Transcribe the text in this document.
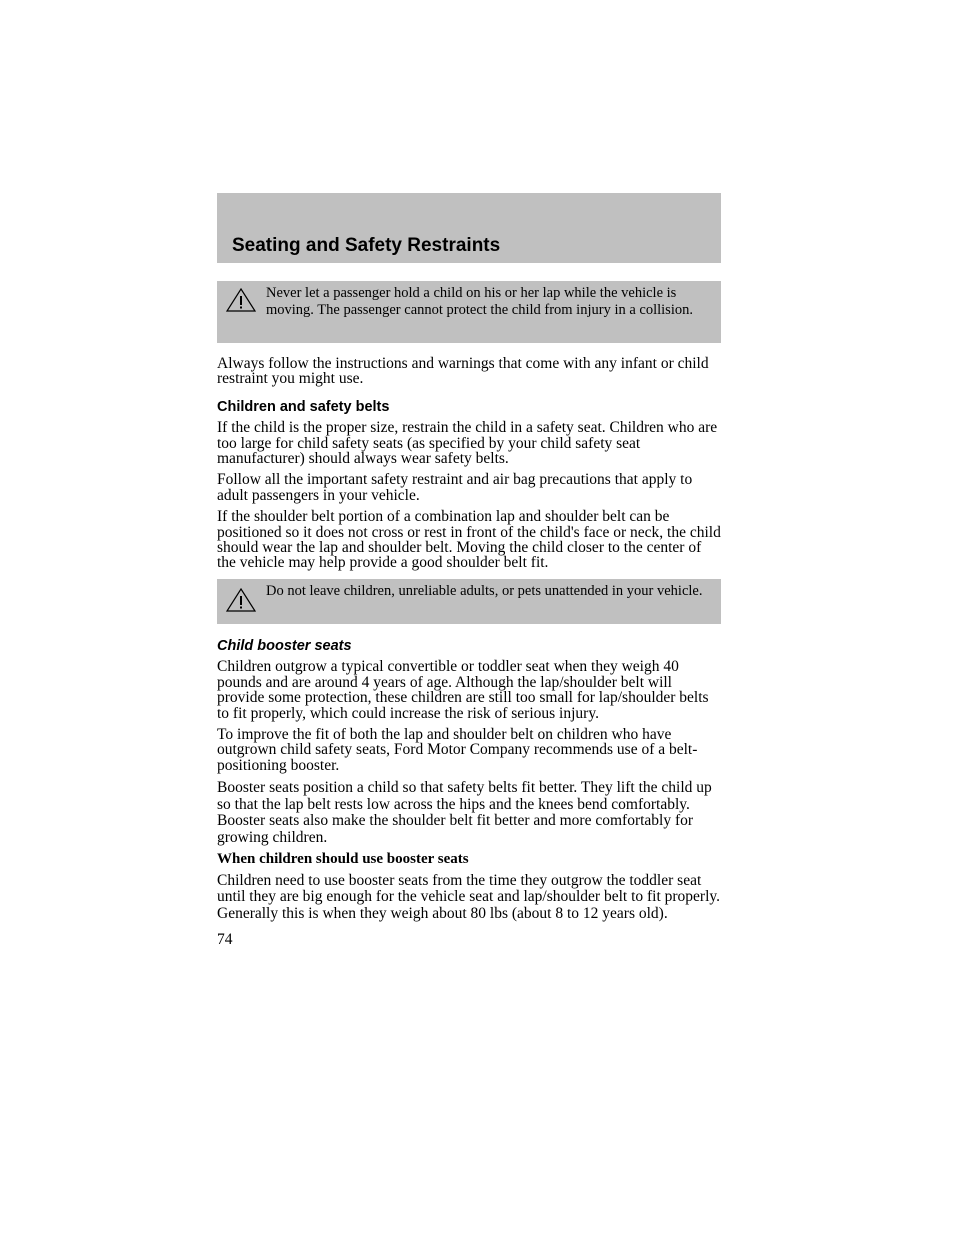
Seating and Safety Restraints

Never let a passenger hold a child on his or her lap while the vehicle is moving. The passenger cannot protect the child from injury in a collision.

Always follow the instructions and warnings that come with any infant or child restraint you might use.

Children and safety belts

If the child is the proper size, restrain the child in a safety seat. Children who are too large for child safety seats (as specified by your child safety seat manufacturer) should always wear safety belts.

Follow all the important safety restraint and air bag precautions that apply to adult passengers in your vehicle.

If the shoulder belt portion of a combination lap and shoulder belt can be positioned so it does not cross or rest in front of the child's face or neck, the child should wear the lap and shoulder belt. Moving the child closer to the center of the vehicle may help provide a good shoulder belt fit.

Do not leave children, unreliable adults, or pets unattended in your vehicle.

Child booster seats

Children outgrow a typical convertible or toddler seat when they weigh 40 pounds and are around 4 years of age. Although the lap/shoulder belt will provide some protection, these children are still too small for lap/shoulder belts to fit properly, which could increase the risk of serious injury.

To improve the fit of both the lap and shoulder belt on children who have outgrown child safety seats, Ford Motor Company recommends use of a belt-positioning booster.

Booster seats position a child so that safety belts fit better. They lift the child up so that the lap belt rests low across the hips and the knees bend comfortably. Booster seats also make the shoulder belt fit better and more comfortably for growing children.

When children should use booster seats

Children need to use booster seats from the time they outgrow the toddler seat until they are big enough for the vehicle seat and lap/shoulder belt to fit properly. Generally this is when they weigh about 80 lbs (about 8 to 12 years old).

74
